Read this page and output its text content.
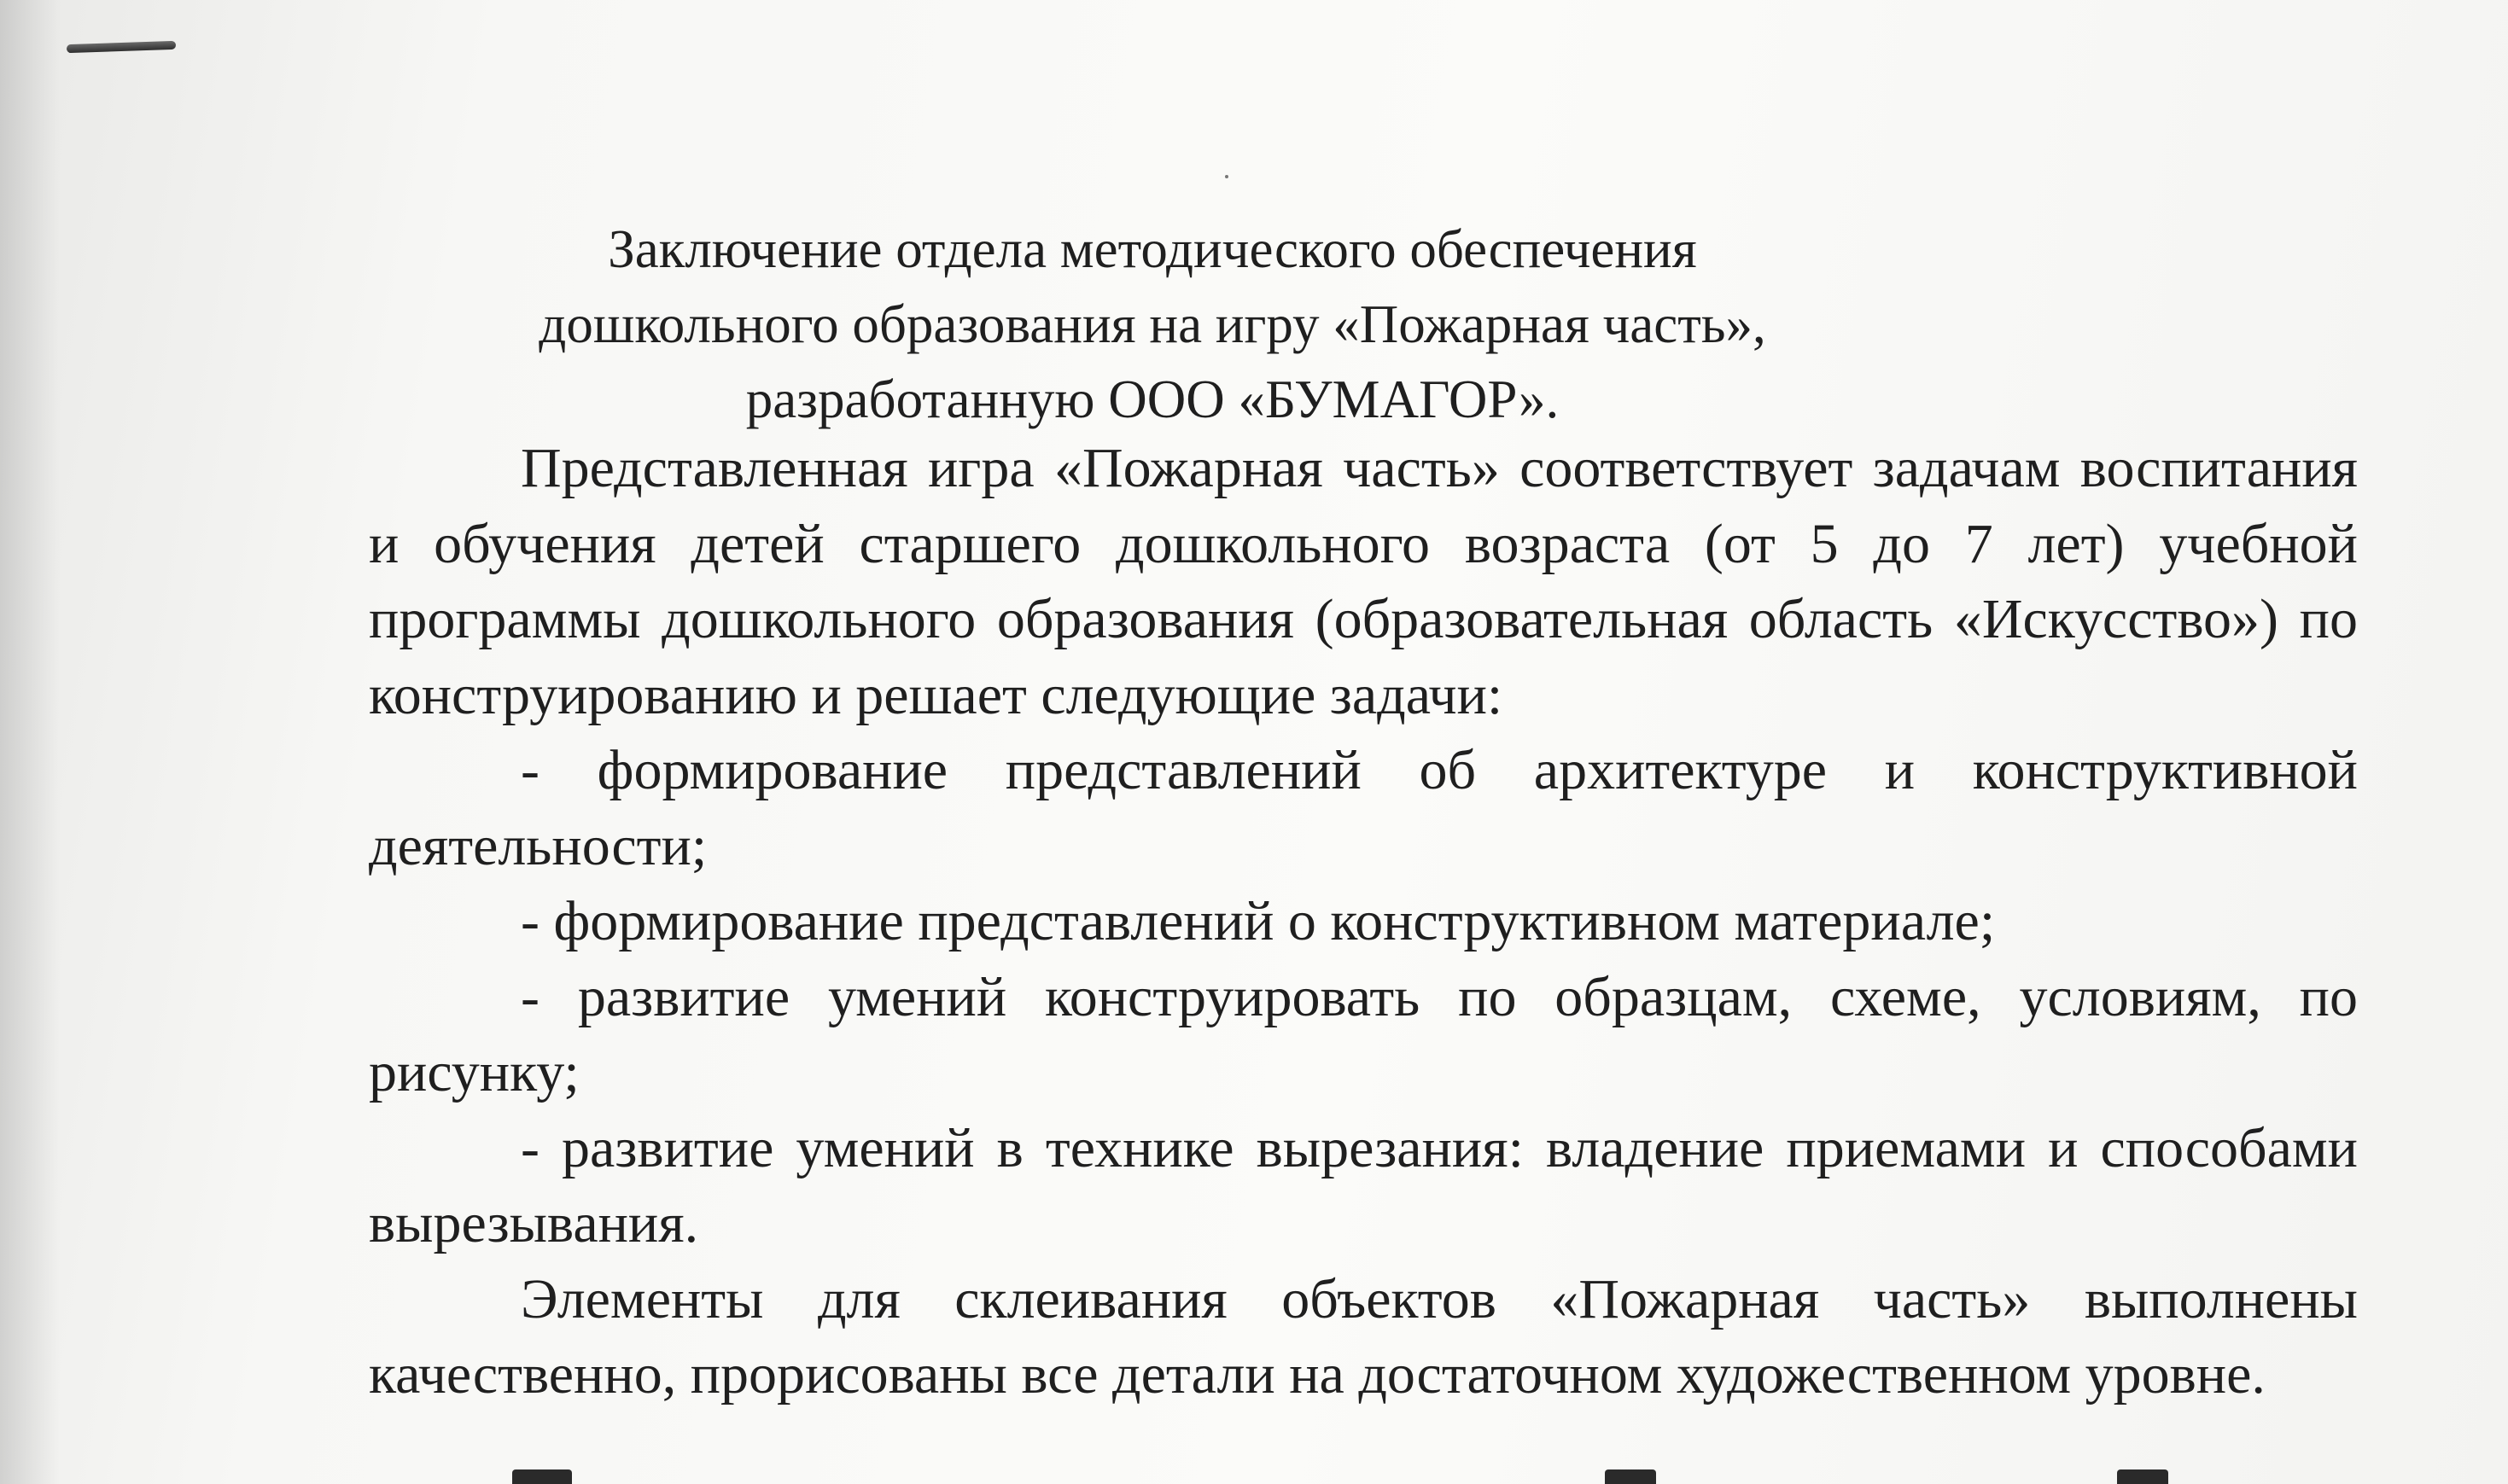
Заключение отдела методического обеспечения
дошкольного образования на игру «Пожарная часть»,
разработанную ООО «БУМАГОР».

Представленная игра «Пожарная часть» соответствует задачам воспитания и обучения детей старшего дошкольного возраста (от 5 до 7 лет) учебной программы дошкольного образования (образовательная область «Искусство») по конструированию и решает следующие задачи:

- формирование представлений об архитектуре и конструктивной деятельности;

- формирование представлений о конструктивном материале;

- развитие умений конструировать по образцам, схеме, условиям, по рисунку;

- развитие умений в технике вырезания: владение приемами и способами вырезывания.

Элементы для склеивания объектов «Пожарная часть» выполнены качественно, прорисованы все детали на достаточном художественном уровне.
